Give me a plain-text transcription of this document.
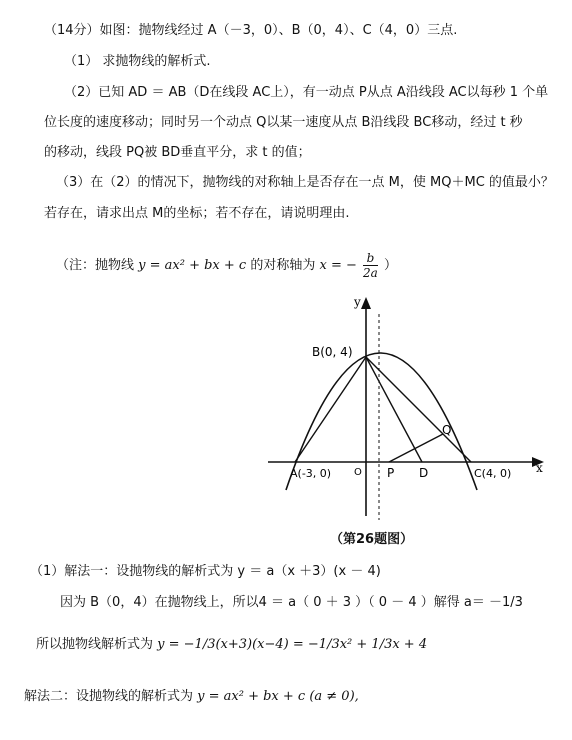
（14分）如图：抛物线经过 A（－3，0）、B（0，4）、C（4，0）三点.
（1） 求抛物线的解析式.
（2）已知 AD ＝ AB（D在线段 AC上），有一动点 P从点 A沿线段 AC以每秒 1 个单
位长度的速度移动；同时另一个动点 Q以某一速度从点 B沿线段 BC移动，经过 t 秒
的移动，线段 PQ被 BD垂直平分，求 t 的值；
（3）在（2）的情况下，抛物线的对称轴上是否存在一点 M，使 MQ＋MC 的值最小？
若存在，请求出点 M的坐标；若不存在，请说明理由.
（注：抛物线 y = ax² + bx + c 的对称轴为 x = − $\frac{b}{2a}$ ）
y
x
B(0, 4)
A(-3, 0)	C(4, 0)
O P D
Q
（第26题图）
（1）解法一：设抛物线的解析式为 y ＝ a（x ＋3）(x － 4)
因为 B（0，4）在抛物线上，所以4 ＝ a（ 0 ＋ 3 ）（ 0 － 4 ）解得 a＝ －1/3
所以抛物线解析式为 y = −1/3(x+3)(x−4) = −1/3x² + 1/3x + 4
解法二：设抛物线的解析式为 y = ax² + bx + c (a ≠ 0),
